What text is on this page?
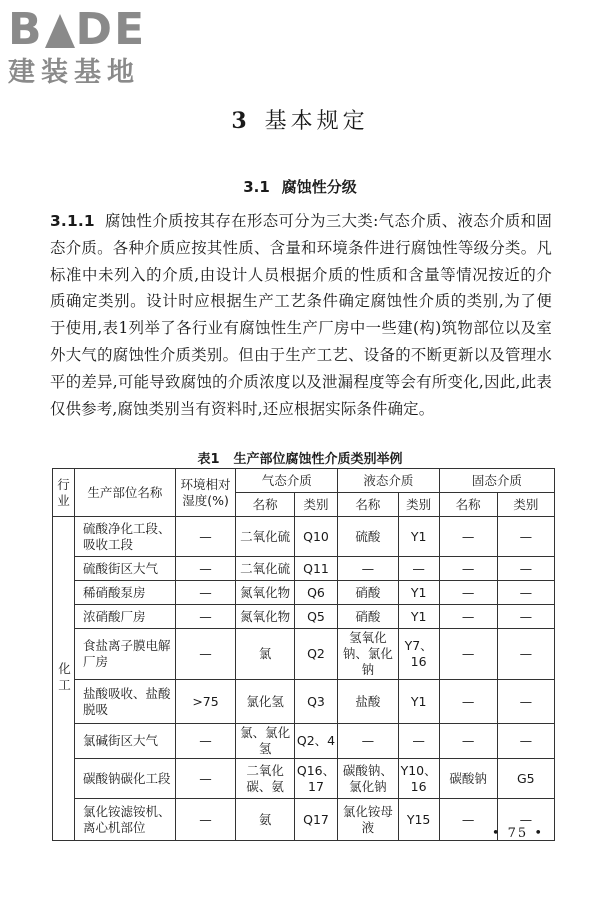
B DE
建装基地
3 基本规定
3.1 腐蚀性分级
3.1.1 腐蚀性介质按其存在形态可分为三大类:气态介质、液态介质和固态介质。各种介质应按其性质、含量和环境条件进行腐蚀性等级分类。凡标准中未列入的介质,由设计人员根据介质的性质和含量等情况按近的介质确定类别。设计时应根据生产工艺条件确定腐蚀性介质的类别,为了便于使用,表1列举了各行业有腐蚀性生产厂房中一些建(构)筑物部位以及室外大气的腐蚀性介质类别。但由于生产工艺、设备的不断更新以及管理水平的差异,可能导致腐蚀的介质浓度以及泄漏程度等会有所变化,因此,此表仅供参考,腐蚀类别当有资料时,还应根据实际条件确定。
表1 生产部位腐蚀性介质类别举例
行业	生产部位名称	环境相对湿度(%)	气态介质		液态介质		固态介质	
			名称	类别	名称	类别	名称	类别
化工	硫酸净化工段、吸收工段	—	二氧化硫	Q10	硫酸	Y1	—	—
	硫酸街区大气	—	二氧化硫	Q11	—	—	—	—
	稀硝酸泵房	—	氮氧化物	Q6	硝酸	Y1	—	—
	浓硝酸厂房	—	氮氧化物	Q5	硝酸	Y1	—	—
	食盐离子膜电解厂房	—	氯	Q2	氢氧化钠、氯化钠	Y7、16	—	—
	盐酸吸收、盐酸脱吸	>75	氯化氢	Q3	盐酸	Y1	—	—
	氯碱街区大气	—	氯、氯化氢	Q2、4	—	—	—	—
	碳酸钠碳化工段	—	二氧化碳、氨	Q16、17	碳酸钠、氯化钠	Y10、16	碳酸钠	G5
	氯化铵滤铵机、离心机部位	—	氨	Q17	氯化铵母液	Y15	—	—
• 75 •
